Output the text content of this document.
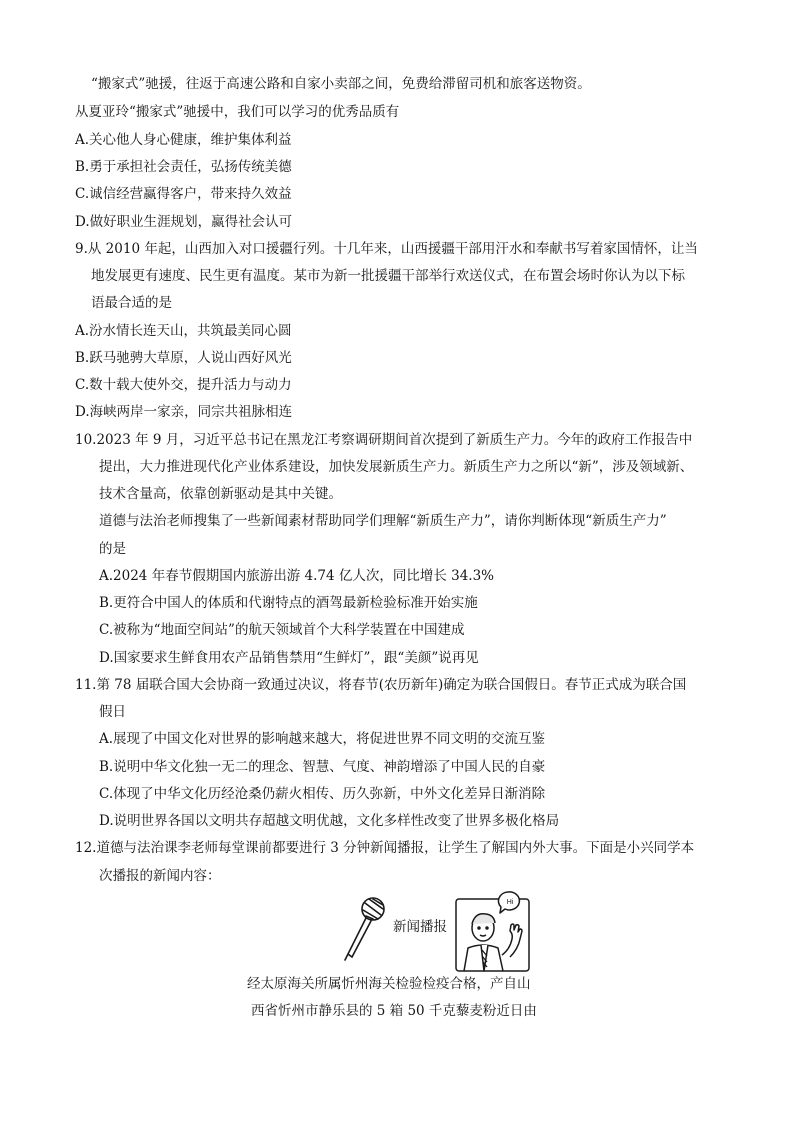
“搬家式”驰援，往返于高速公路和自家小卖部之间，免费给滞留司机和旅客送物资。
从夏亚玲“搬家式”驰援中，我们可以学习的优秀品质有
A.关心他人身心健康，维护集体利益
B.勇于承担社会责任，弘扬传统美德
C.诚信经营赢得客户，带来持久效益
D.做好职业生涯规划，赢得社会认可
9.从 2010 年起，山西加入对口援疆行列。十几年来，山西援疆干部用汗水和奉献书写着家国情怀，让当
地发展更有速度、民生更有温度。某市为新一批援疆干部举行欢送仪式，在布置会场时你认为以下标
语最合适的是
A.汾水情长连天山，共筑最美同心圆
B.跃马驰骋大草原，人说山西好风光
C.数十载大使外交，提升活力与动力
D.海峡两岸一家亲，同宗共祖脉相连
10.2023 年 9 月，习近平总书记在黑龙江考察调研期间首次提到了新质生产力。今年的政府工作报告中
提出，大力推进现代化产业体系建设，加快发展新质生产力。新质生产力之所以“新”，涉及领域新、
技术含量高，依靠创新驱动是其中关键。
道德与法治老师搜集了一些新闻素材帮助同学们理解“新质生产力”，请你判断体现“新质生产力”
的是
A.2024 年春节假期国内旅游出游 4.74 亿人次，同比增长 34.3%
B.更符合中国人的体质和代谢特点的酒驾最新检验标准开始实施
C.被称为“地面空间站”的航天领域首个大科学装置在中国建成
D.国家要求生鲜食用农产品销售禁用“生鲜灯”，跟“美颜”说再见
11.第 78 届联合国大会协商一致通过决议，将春节(农历新年)确定为联合国假日。春节正式成为联合国
假日
A.展现了中国文化对世界的影响越来越大，将促进世界不同文明的交流互鉴
B.说明中华文化独一无二的理念、智慧、气度、神韵增添了中国人民的自豪
C.体现了中华文化历经沧桑仍薪火相传、历久弥新，中外文化差异日渐消除
D.说明世界各国以文明共存超越文明优越，文化多样性改变了世界多极化格局
12.道德与法治课李老师每堂课前都要进行 3 分钟新闻播报，让学生了解国内外大事。下面是小兴同学本
次播报的新闻内容：
Hi
新闻播报
经太原海关所属忻州海关检验检疫合格，产自山
西省忻州市静乐县的 5 箱 50 千克藜麦粉近日由
